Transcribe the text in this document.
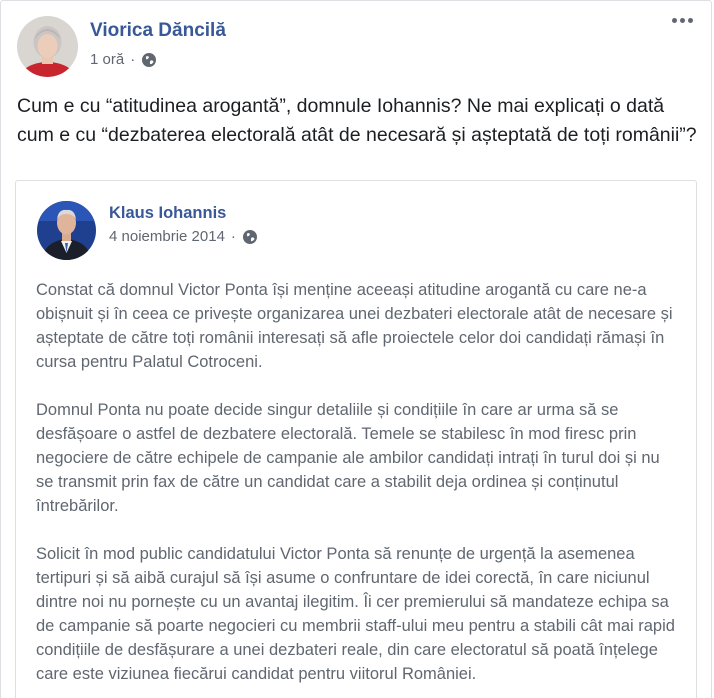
Viorica Dăncilă
1 oră ·

Cum e cu “atitudinea arogantă”, domnule Iohannis? Ne mai explicați o dată cum e cu “dezbaterea electorală atât de necesară și așteptată de toți românii”?

Klaus Iohannis
4 noiembrie 2014 ·

Constat că domnul Victor Ponta își menține aceeași atitudine arogantă cu care ne-a obișnuit și în ceea ce privește organizarea unei dezbateri electorale atât de necesare și așteptate de către toți românii interesați să afle proiectele celor doi candidați rămași în cursa pentru Palatul Cotroceni.

Domnul Ponta nu poate decide singur detaliile și condițiile în care ar urma să se desfășoare o astfel de dezbatere electorală. Temele se stabilesc în mod firesc prin negociere de către echipele de campanie ale ambilor candidați intrați în turul doi și nu se transmit prin fax de către un candidat care a stabilit deja ordinea și conținutul întrebărilor.

Solicit în mod public candidatului Victor Ponta să renunțe de urgență la asemenea tertipuri și să aibă curajul să își asume o confruntare de idei corectă, în care niciunul dintre noi nu pornește cu un avantaj ilegitim. Îi cer premierului să mandateze echipa sa de campanie să poarte negocieri cu membrii staff-ului meu pentru a stabili cât mai rapid condițiile de desfășurare a unei dezbateri reale, din care electoratul să poată înțelege care este viziunea fiecărui candidat pentru viitorul României.
